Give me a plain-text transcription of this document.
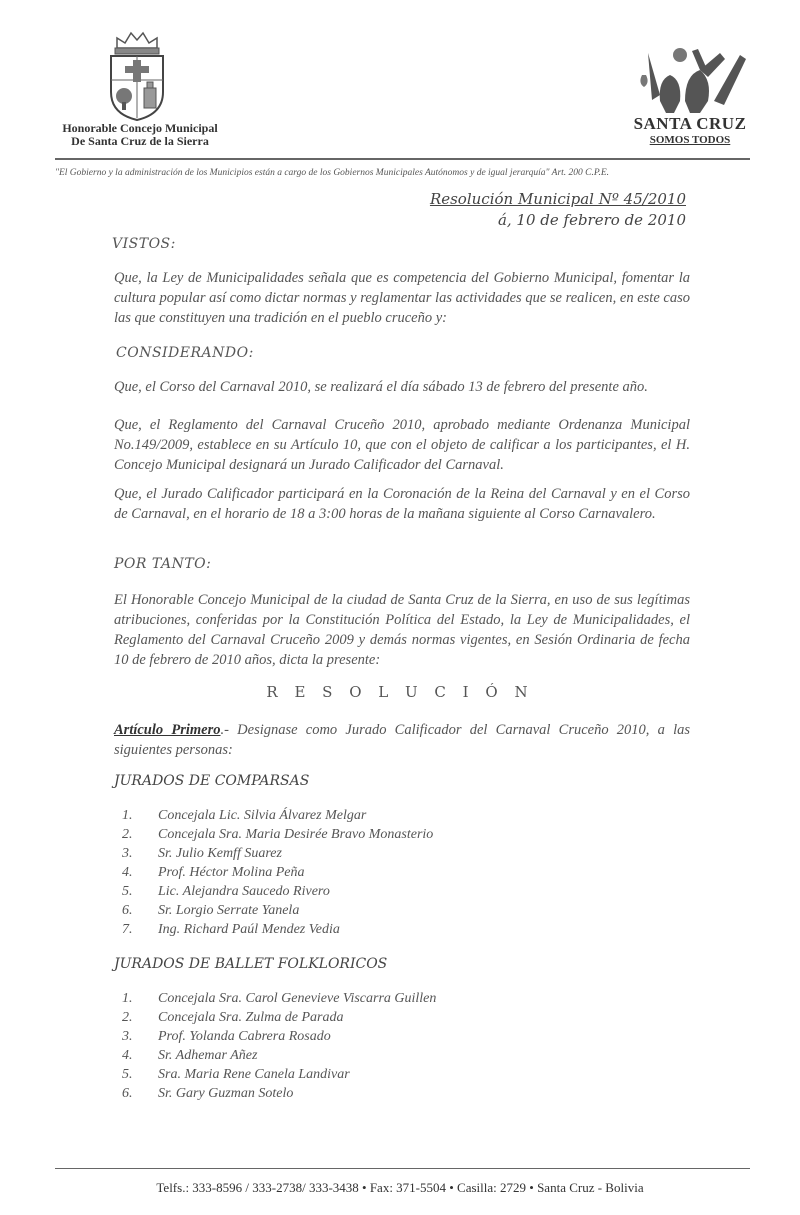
Honorable Concejo Municipal
De Santa Cruz de la Sierra
SANTA CRUZ
SOMOS TODOS
"El Gobierno y la administración de los Municipios están a cargo de los Gobiernos Municipales Autónomos y de igual jerarquía" Art. 200 C.P.E.
Resolución Municipal Nº 45/2010
á, 10 de febrero de 2010
VISTOS:
Que, la Ley de Municipalidades señala que es competencia del Gobierno Municipal, fomentar la cultura popular así como dictar normas y reglamentar las actividades que se realicen, en este caso las que constituyen una tradición en el pueblo cruceño y:
CONSIDERANDO:
Que, el Corso del Carnaval 2010, se realizará el día sábado 13 de febrero del presente año.
Que, el Reglamento del Carnaval Cruceño 2010, aprobado mediante Ordenanza Municipal No.149/2009, establece en su Artículo 10, que con el objeto de calificar a los participantes, el H. Concejo Municipal designará un Jurado Calificador del Carnaval.
Que, el Jurado Calificador participará en la Coronación de la Reina del Carnaval y en el Corso de Carnaval, en el horario de 18 a 3:00 horas de la mañana siguiente al Corso Carnavalero.
POR TANTO:
El Honorable Concejo Municipal de la ciudad de Santa Cruz de la Sierra, en uso de sus legítimas atribuciones, conferidas por la Constitución Política del Estado, la Ley de Municipalidades, el Reglamento del Carnaval Cruceño 2009 y demás normas vigentes, en Sesión Ordinaria de fecha 10 de febrero de 2010 años, dicta la presente:
R E S O L U C I Ó N
Artículo Primero.- Designase como Jurado Calificador del Carnaval Cruceño 2010, a las siguientes personas:
JURADOS DE COMPARSAS
1. Concejala Lic. Silvia Álvarez Melgar
2. Concejala Sra. Maria Desirée Bravo Monasterio
3. Sr. Julio Kemff Suarez
4. Prof. Héctor Molina Peña
5. Lic. Alejandra Saucedo Rivero
6. Sr. Lorgio Serrate Yanela
7. Ing. Richard Paúl Mendez Vedia
JURADOS DE BALLET FOLKLORICOS
1. Concejala Sra. Carol Genevieve Viscarra Guillen
2. Concejala Sra. Zulma de Parada
3. Prof. Yolanda Cabrera Rosado
4. Sr. Adhemar Añez
5. Sra. Maria Rene Canela Landivar
6. Sr. Gary Guzman Sotelo
Telfs.: 333-8596 / 333-2738/ 333-3438 • Fax: 371-5504 • Casilla: 2729 • Santa Cruz - Bolivia
